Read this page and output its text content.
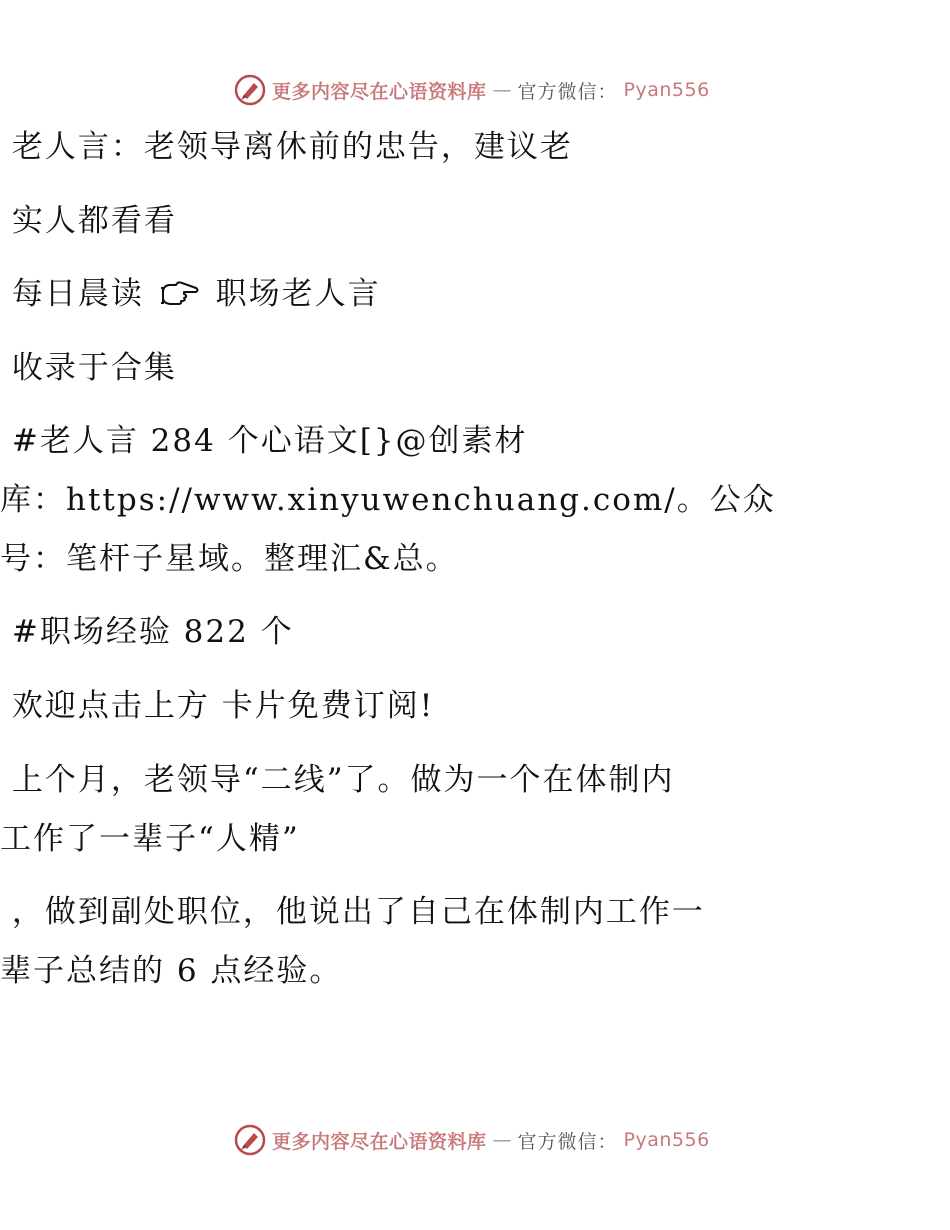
更多内容尽在心语资料库 — 官方微信： Pyan556
老人言：老领导离休前的忠告，建议老
实人都看看
每日晨读  职场老人言
收录于合集
#老人言 284 个心语文[}@创素材
库：https://www.xinyuwenchuang.com/。公众
号：笔杆子星域。整理汇&总。
#职场经验 822 个
欢迎点击上方 卡片免费订阅!
上个月，老领导“二线”了。做为一个在体制内
工作了一辈子“人精”
，做到副处职位，他说出了自己在体制内工作一
辈子总结的 6 点经验。
更多内容尽在心语资料库 — 官方微信： Pyan556
